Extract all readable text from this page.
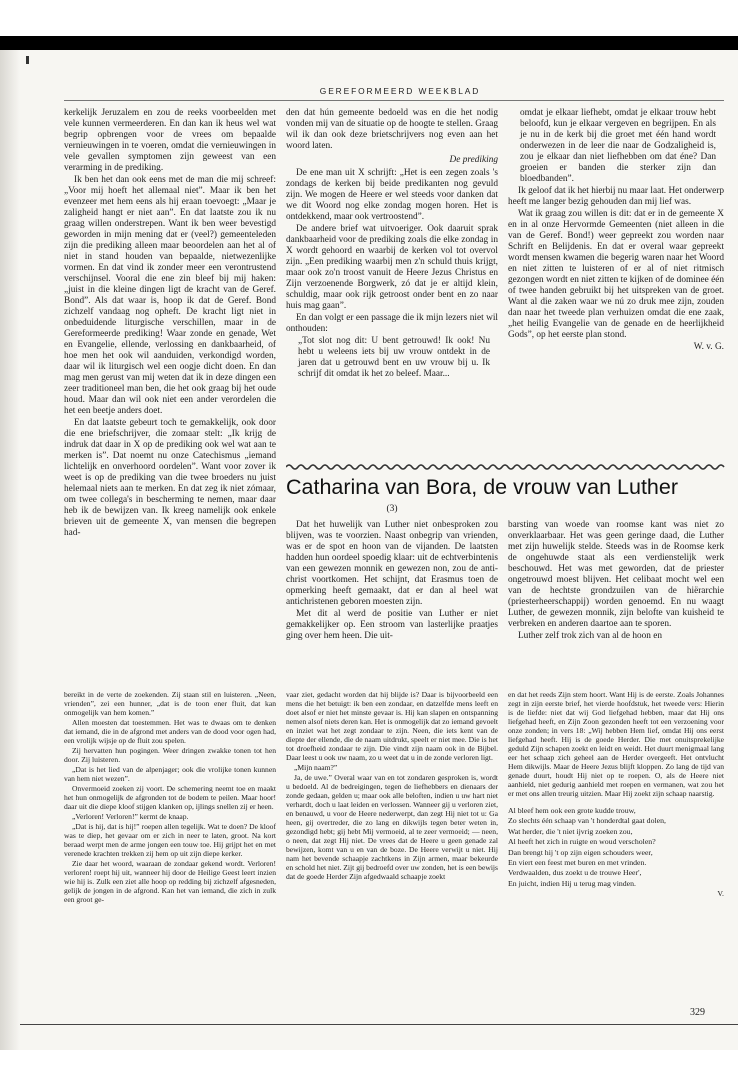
GEREFORMEERD WEEKBLAD

kerkelijk Jeruzalem en zou de reeks voorbeelden met vele kunnen vermeerderen. En dan kan ik heus wel wat begrip opbrengen voor de vrees om bepaalde vernieuwingen in te voeren, omdat die vernieuwingen in vele gevallen symptomen zijn geweest van een verarming in de prediking.

Ik ben het dan ook eens met de man die mij schreef: „Voor mij hoeft het allemaal niet”. Maar ik ben het evenzeer met hem eens als hij eraan toevoegt: „Maar je zaligheid hangt er niet aan”. En dat laatste zou ik nu graag willen onderstrepen. Want ik ben weer bevestigd geworden in mijn mening dat er (veel?) gemeenteleden zijn die prediking alleen maar beoordelen aan het al of niet in stand houden van bepaalde, nietwezenlijke vormen. En dat vind ik zonder meer een verontrustend verschijnsel. Vooral die ene zin bleef bij mij haken: „juist in die kleine dingen ligt de kracht van de Geref. Bond”. Als dat waar is, hoop ik dat de Geref. Bond zichzelf vandaag nog opheft. De kracht ligt niet in onbeduidende liturgische verschillen, maar in de Gereformeerde prediking! Waar zonde en genade, Wet en Evangelie, ellende, verlossing en dankbaarheid, of hoe men het ook wil aanduiden, verkondigd worden, daar wil ik liturgisch wel een oogje dicht doen. En dan mag men gerust van mij weten dat ik in deze dingen een zeer traditioneel man ben, die het ook graag bij het oude houd. Maar dan wil ook niet een ander verordelen die het een beetje anders doet.

En dat laatste gebeurt toch te gemakkelijk, ook door die ene briefschrijver, die zomaar stelt: „Ik krijg de indruk dat daar in X op de prediking ook wel wat aan te merken is”. Dat noemt nu onze Catechismus „iemand lichtelijk en onverhoord oordelen”. Want voor zover ik weet is op de prediking van die twee broeders nu juist helemaal niets aan te merken. En dat zeg ik niet zómaar, om twee collega's in bescherming te nemen, maar daar heb ik de bewijzen van. Ik kreeg namelijk ook enkele brieven uit de gemeente X, van mensen die begrepen had-

den dat hún gemeente bedoeld was en die het nodig vonden mij van de situatie op de hoogte te stellen. Graag wil ik dan ook deze brietschrijvers nog even aan het woord laten.

De prediking

De ene man uit X schrijft: „Het is een zegen zoals 's zondags de kerken bij beide predikanten nog gevuld zijn. We mogen de Heere er wel steeds voor danken dat we dit Woord nog elke zondag mogen horen. Het is ontdekkend, maar ook vertroostend”.

De andere brief wat uitvoeriger. Ook daaruit sprak dankbaarheid voor de prediking zoals die elke zondag in X wordt gehoord en waarbij de kerken vol tot overvol zijn. „Een prediking waarbij men z'n schuld thuis krijgt, maar ook zo'n troost vanuit de Heere Jezus Christus en Zijn verzoenende Borgwerk, zó dat je er altijd klein, schuldig, maar ook rijk getroost onder bent en zo naar huis mag gaan”.

En dan volgt er een passage die ik mijn lezers niet wil onthouden:

„Tot slot nog dit: U bent getrouwd! Ik ook! Nu hebt u weleens iets bij uw vrouw ontdekt in de jaren dat u getrouwd bent en uw vrouw bij u. Ik schrijf dit omdat ik het zo beleef. Maar...

omdat je elkaar liefhebt, omdat je elkaar trouw hebt beloofd, kun je elkaar vergeven en begrijpen. En als je nu in de kerk bij die groet met één hand wordt onderwezen in de leer die naar de Godzaligheid is, zou je elkaar dan niet liefhebben om dat éne? Dan groeien er banden die sterker zijn dan bloedbanden”.

Ik geloof dat ik het hierbij nu maar laat. Het onderwerp heeft me langer bezig gehouden dan mij lief was.

Wat ik graag zou willen is dit: dat er in de gemeente X en in al onze Hervormde Gemeenten (niet alleen in die van de Geref. Bond!) weer gepreekt zou worden naar Schrift en Belijdenis. En dat er overal waar gepreekt wordt mensen kwamen die begerig waren naar het Woord en niet zitten te luisteren of er al of niet ritmisch gezongen wordt en niet zitten te kijken of de dominee één of twee handen gebruikt bij het uitspreken van de groet. Want al die zaken waar we nú zo druk mee zijn, zouden dan naar het tweede plan verhuizen omdat die ene zaak, „het heilig Evangelie van de genade en de heerlijkheid Gods”, op het eerste plan stond.

W. v. G.

Catharina van Bora, de vrouw van Luther
(3)

Dat het huwelijk van Luther niet onbesproken zou blijven, was te voorzien. Naast onbegrip van vrienden, was er de spot en hoon van de vijanden. De laatsten hadden hun oordeel spoedig klaar: uit de echtverbintenis van een gewezen monnik en gewezen non, zou de anti-christ voortkomen. Het schijnt, dat Erasmus toen de opmerking heeft gemaakt, dat er dan al heel wat antichristenen geboren moesten zijn.

Met dit al werd de positie van Luther er niet gemakkelijker op. Een stroom van lasterlijke praatjes ging over hem heen. Die uit-

barsting van woede van roomse kant was niet zo onverklaarbaar. Het was geen geringe daad, die Luther met zijn huwelijk stelde. Steeds was in de Roomse kerk de ongehuwde staat als een verdienstelijk werk beschouwd. Het was met geworden, dat de priester ongetrouwd moest blijven. Het celibaat mocht wel een van de hechtste grondzuilen van de hiërarchie (priesterheerschappij) worden genoemd. En nu waagt Luther, de gewezen monnik, zijn belofte van kuisheid te verbreken en anderen daartoe aan te sporen.

Luther zelf trok zich van al de hoon en

bereikt in de verte de zoekenden. Zij staan stil en luisteren. „Neen, vrienden”, zei een hunner, „dat is de toon ener fluit, dat kan onmogelijk van hem komen.”

Allen moesten dat toestemmen. Het was te dwaas om te denken dat iemand, die in de afgrond met anders van de dood voor ogen had, een vrolijk wijsje op de fluit zou spelen.

Zij hervatten hun pogingen. Weer dringen zwakke tonen tot hen door. Zij luisteren.

„Dat is het lied van de alpenjager; ook die vrolijke tonen kunnen van hem niet wezen”.

Onvermoeid zoeken zij voort. De schemering neemt toe en maakt het hun onmogelijk de afgronden tot de bodem te peilen. Maar hoor! daar uit die diepe kloof stijgen klanken op, ijlings snellen zij er heen.

„Verloren! Verloren!” kermt de knaap.

„Dat is hij, dat is hij!” roepen allen tegelijk. Wat te doen? De kloof was te diep, het gevaar om er zich in neer te laten, groot. Na kort beraad werpt men de arme jongen een touw toe. Hij grijpt het en met verenede krachten trekken zij hem op uit zijn diepe kerker.

Zie daar het woord, waaraan de zondaar gekend wordt. Verloren! verloren! roept hij uit, wanneer hij door de Heilige Geest leert inzien wie hij is. Zulk een ziet alle hoop op redding bij zichzelf afgesneden, gelijk de jongen in de afgrond. Kan het van iemand, die zich in zulk een groot ge-

vaar ziet, gedacht worden dat hij blijde is? Daar is bijvoorbeeld een mens die het betuigt: ik ben een zondaar, en datzelfde mens leeft en doet alsof er niet het minste gevaar is. Hij kan slapen en ontspanning nemen alsof niets deren kan. Het is onmogelijk dat zo iemand gevoelt en inziet wat het zegt zondaar te zijn. Neen, die iets kent van de diepte der ellende, die de naam uitdrukt, speelt er niet mee. Die is het tot droefheid zondaar te zijn. Die vindt zijn naam ook in de Bijbel. Daar leest u ook uw naam, zo u weet dat u in de zonde verloren ligt.

„Mijn naam?”

Ja, de uwe.” Overal waar van en tot zondaren gesproken is, wordt u bedoeld. Al de bedreigingen, tegen de liefhebbers en dienaars der zonde gedaan, gelden u; maar ook alle beloften, indien u uw hart niet verhardt, doch u laat leiden en verlossen. Wanneer gij u verloren ziet, en benauwd, u voor de Heere nederwerpt, dan zegt Hij niet tot u: Ga heen, gij overtreder, die zo lang en dikwijls tegen beter weten in, gezondigd hebt; gij hebt Mij vermoeid, al te zeer vermoeid; — neen, o neen, dat zegt Hij niet. De vrees dat de Heere u geen genade zal bewijzen, komt van u en van de boze. De Heere verwijt u niet. Hij nam het bevende schaapje zachtkens in Zijn armen, maar bekeurde en schold het niet. Zijt gij bedroefd over uw zonden, het is een bewijs dat de goede Herder Zijn afgedwaald schaapje zoekt

en dat het reeds Zijn stem hoort. Want Hij is de eerste. Zoals Johannes zegt in zijn eerste brief, het vierde hoofdstuk, het tweede vers: Hierin is de liefde: niet dat wij God liefgehad hebben, maar dat Hij ons liefgehad heeft, en Zijn Zoon gezonden heeft tot een verzoening voor onze zonden; in vers 18: „Wij hebben Hem lief, omdat Hij ons eerst liefgehad heeft. Hij is de goede Herder. Die met onuitsprekelijke geduld Zijn schapen zoekt en leidt en weidt. Het duurt menigmaal lang eer het schaap zich geheel aan de Herder overgeeft. Het ontvlucht Hem dikwijls. Maar de Heere Jezus blijft kloppen. Zo lang de tijd van genade duurt, houdt Hij niet op te roepen. O, als de Heere niet aanhield, niet gedurig aanhield met roepen en vermanen, wat zou het er met ons allen treurig uitzien. Maar Hij zoekt zijn schaap naarstig.

Al bleef hem ook een grote kudde trouw,
Zo slechts één schaap van 't honderdtal gaat dolen,
Wat herder, die 't niet ijvrig zoeken zou,
Al heeft het zich in ruigte en woud verscholen?
Dan brengt hij 't op zijn eigen schouders weer,
En viert een feest met buren en met vrinden.
Verdwaalden, dus zoekt u de trouwe Heer',
En juicht, indien Hij u terug mag vinden.
V.
329
